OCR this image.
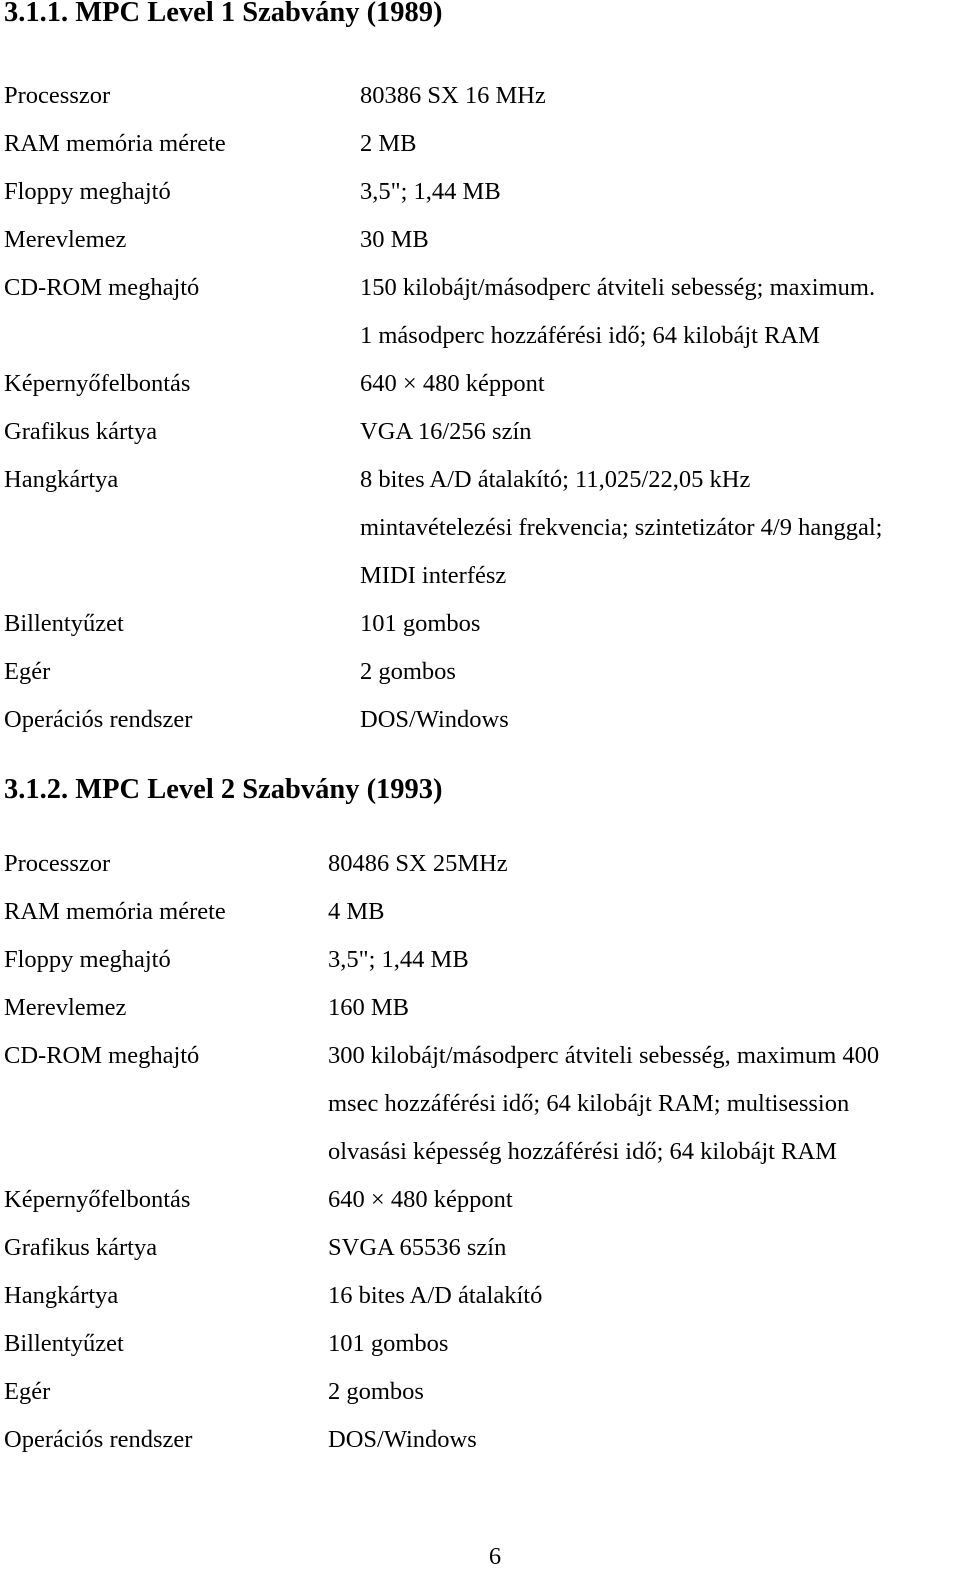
3.1.1. MPC Level 1 Szabvány (1989)
Processzor	80386 SX 16 MHz
RAM memória mérete	2 MB
Floppy meghajtó	3,5"; 1,44 MB
Merevlemez	30 MB
CD-ROM meghajtó	150 kilobájt/másodperc átviteli sebesség; maximum.
1 másodperc hozzáférési idő; 64 kilobájt RAM
Képernyőfelbontás	640 × 480 képpont
Grafikus kártya	VGA 16/256 szín
Hangkártya	8 bites A/D átalakító; 11,025/22,05 kHz
mintavételezési frekvencia; szintetizátor 4/9 hanggal;
MIDI interfész
Billentyűzet	101 gombos
Egér	2 gombos
Operációs rendszer	DOS/Windows
3.1.2. MPC Level 2 Szabvány (1993)
Processzor	80486 SX 25MHz
RAM memória mérete	4 MB
Floppy meghajtó	3,5"; 1,44 MB
Merevlemez	160 MB
CD-ROM meghajtó	300 kilobájt/másodperc átviteli sebesség, maximum 400
msec hozzáférési idő; 64 kilobájt RAM; multisession
olvasási képesség hozzáférési idő; 64 kilobájt RAM
Képernyőfelbontás	640 × 480 képpont
Grafikus kártya	SVGA 65536 szín
Hangkártya	16 bites A/D átalakító
Billentyűzet	101 gombos
Egér	2 gombos
Operációs rendszer	DOS/Windows
6
